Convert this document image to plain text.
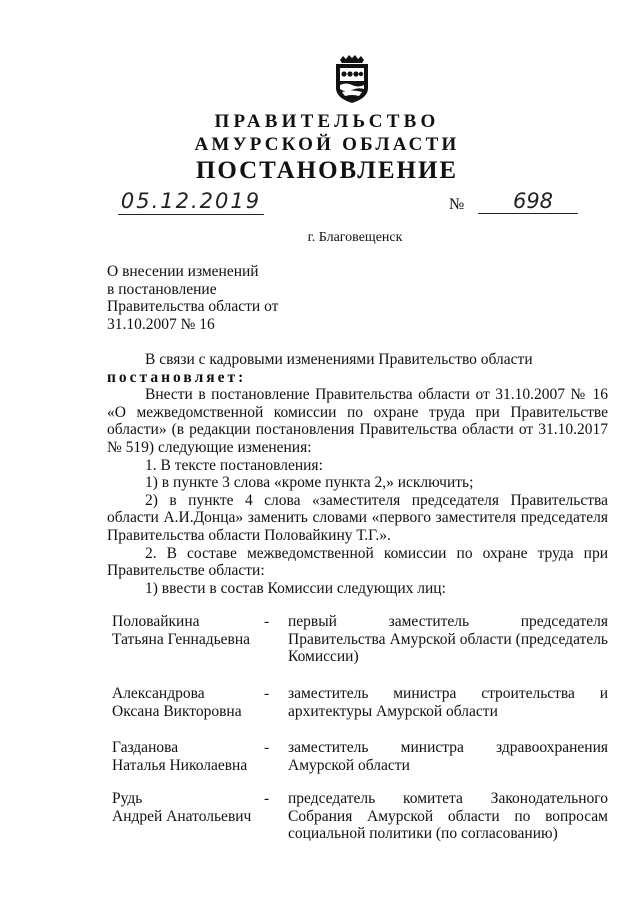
ПРАВИТЕЛЬСТВО
АМУРСКОЙ ОБЛАСТИ
ПОСТАНОВЛЕНИЕ
05.12.2019	№	698
г. Благовещенск
О внесении изменений
в постановление
Правительства области от
31.10.2007 № 16

В связи с кадровыми изменениями Правительство области

постановляет:

Внести в постановление Правительства области от 31.10.2007 № 16 «О межведомственной комиссии по охране труда при Правительстве области» (в редакции постановления Правительства области от 31.10.2017 № 519) следующие изменения:

1. В тексте постановления:

1) в пункте 3 слова «кроме пункта 2,» исключить;

2) в пункте 4 слова «заместителя председателя Правительства области А.И.Донца» заменить словами «первого заместителя председателя Правительства области Половайкину Т.Г.».

2. В составе межведомственной комиссии по охране труда при Правительстве области:

1) ввести в состав Комиссии следующих лиц:

Половайкина
Татьяна Геннадьевна
- первый заместитель председателя Правительства Амурской области (председатель Комиссии)
Александрова
Оксана Викторовна
- заместитель министра строительства и архитектуры Амурской области
Газданова
Наталья Николаевна
- заместитель министра здравоохранения Амурской области
Рудь
Андрей Анатольевич
- председатель комитета Законодательного Собрания Амурской области по вопросам социальной политики (по согласованию)
